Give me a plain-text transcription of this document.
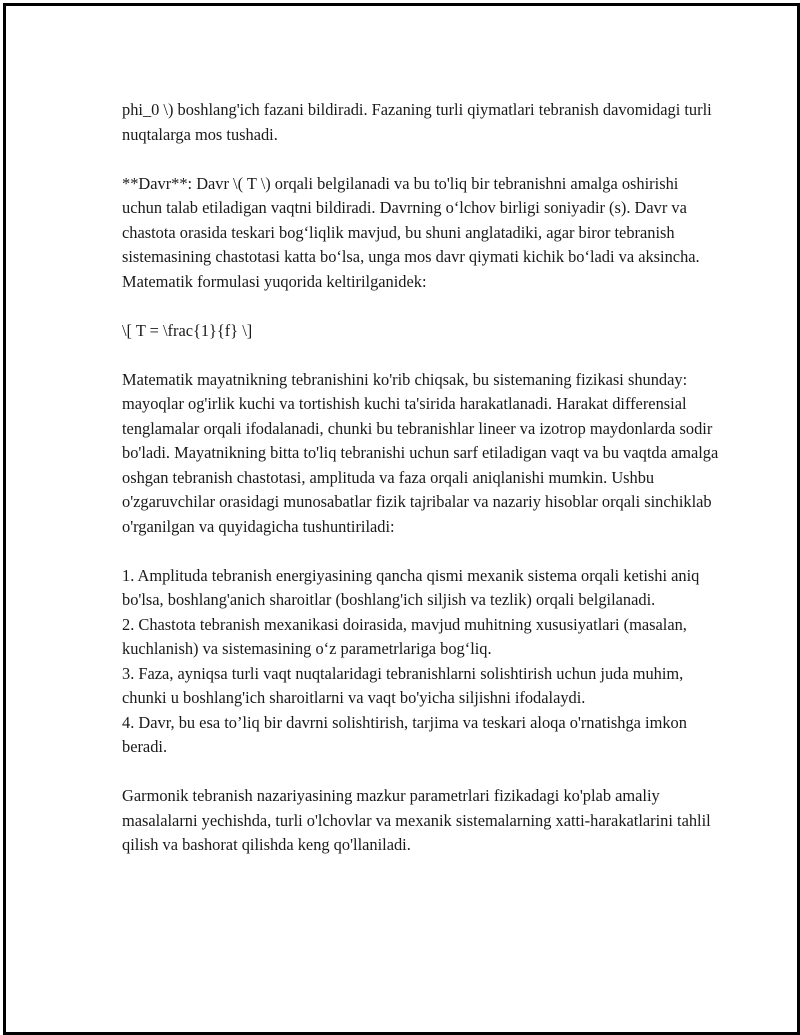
phi_0 \) boshlang'ich fazani bildiradi. Fazaning turli qiymatlari tebranish davomidagi turli nuqtalarga mos tushadi.

**Davr**: Davr \( T \) orqali belgilanadi va bu to'liq bir tebranishni amalga oshirishi uchun talab etiladigan vaqtni bildiradi. Davrning o‘lchov birligi soniyadir (s). Davr va chastota orasida teskari bog‘liqlik mavjud, bu shuni anglatadiki, agar biror tebranish sistemasining chastotasi katta bo‘lsa, unga mos davr qiymati kichik bo‘ladi va aksincha. Matematik formulasi yuqorida keltirilganidek:

\[ T = \frac{1}{f} \]

Matematik mayatnikning tebranishini ko'rib chiqsak, bu sistemaning fizikasi shunday: mayoqlar og'irlik kuchi va tortishish kuchi ta'sirida harakatlanadi. Harakat differensial tenglamalar orqali ifodalanadi, chunki bu tebranishlar lineer va izotrop maydonlarda sodir bo'ladi. Mayatnikning bitta to'liq tebranishi uchun sarf etiladigan vaqt va bu vaqtda amalga oshgan tebranish chastotasi, amplituda va faza orqali aniqlanishi mumkin. Ushbu o'zgaruvchilar orasidagi munosabatlar fizik tajribalar va nazariy hisoblar orqali sinchiklab o'rganilgan va quyidagicha tushuntiriladi:

1. Amplituda tebranish energiyasining qancha qismi mexanik sistema orqali ketishi aniq bo'lsa, boshlang'anich sharoitlar (boshlang'ich siljish va tezlik) orqali belgilanadi.

2. Chastota tebranish mexanikasi doirasida, mavjud muhitning xususiyatlari (masalan, kuchlanish) va sistemasining o‘z parametrlariga bog‘liq.

3. Faza, ayniqsa turli vaqt nuqtalaridagi tebranishlarni solishtirish uchun juda muhim, chunki u boshlang'ich sharoitlarni va vaqt bo'yicha siljishni ifodalaydi.

4. Davr, bu esa to’liq bir davrni solishtirish, tarjima va teskari aloqa o'rnatishga imkon beradi.

Garmonik tebranish nazariyasining mazkur parametrlari fizikadagi ko'plab amaliy masalalarni yechishda, turli o'lchovlar va mexanik sistemalarning xatti-harakatlarini tahlil qilish va bashorat qilishda keng qo'llaniladi.
